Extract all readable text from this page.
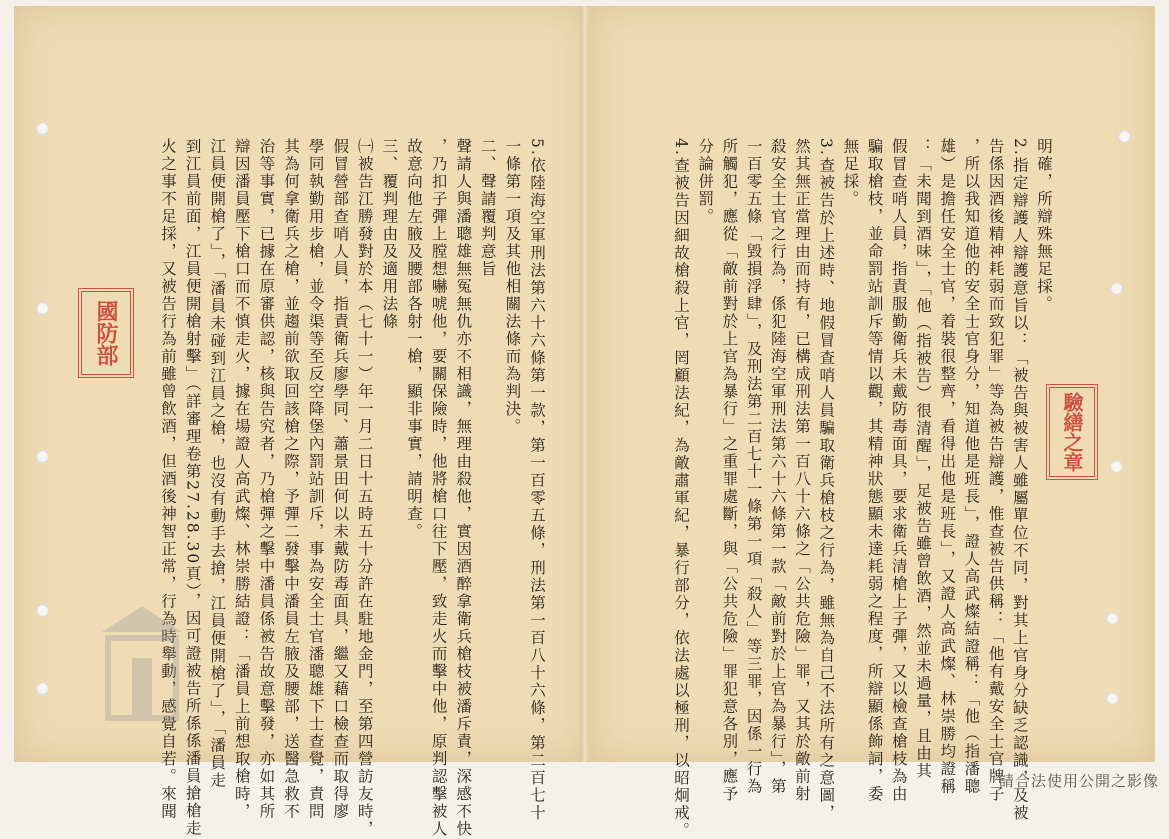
5.依陸海空軍刑法第六十六條第一款，第一百零五條，刑法第一百八十六條，第二百七十
一條第一項及其他相關法條而為判決。
二、聲請覆判意旨
聲請人與潘聰雄無冤無仇亦不相識，無理由殺他，實因酒醉拿衛兵槍枝被潘斥責，深感不快
，乃扣子彈上膛想嚇唬他，要關保險時，他將槍口往下壓，致走火而擊中他，原判認擊被人
故意向他左腋及腰部各射一槍，顯非事實，請明查。
三、覆判理由及適用法條
㈠被告江勝發對於本（七十一）年一月二日十五時五十分許在駐地金門，至第四營訪友時，
假冒營部查哨人員，指責衛兵廖學同、蕭景田何以未戴防毒面具，繼又藉口檢查而取得廖
學同執勤用步槍，並令渠等至反空降堡內罰站訓斥，事為安全士官潘聰雄下士查覺，責問
其為何拿衛兵之槍，並趨前欲取回該槍之際，予彈二發擊中潘員左腋及腰部，送醫急救不
治等事實，已據在原審供認，核與告究者，乃槍彈之擊中潘員係被告故意擊發，亦如其所
辯因潘員壓下槍口而不慎走火，據在場證人高武燦、林崇勝結證：「潘員上前想取槍時，
江員便開槍了」，「潘員未碰到江員之槍，也沒有動手去搶，江員便開槍了」，「潘員走
到江員前面，江員便開槍射擊」（詳審理卷第27.28.30頁），因可證被告所係係潘員搶槍走
火之事不足採，又被告行為前雖曾飲酒，但酒後神智正常，行為時舉動，感覺自若。來聞
國防部
明確，所辯殊無足採。
2.指定辯護人辯護意旨以：「被告與被害人雖屬單位不同，對其上官身分缺乏認識，及被
告係因酒後精神耗弱而致犯罪」等為被告辯護，惟查被告供稱：「他有戴安全士官牌子
，所以我知道他的安全士官身分，知道他是班長」，證人高武燦結證稱：「他（指潘聰
雄）是擔任安全士官，着裝很整齊，看得出他是班長」，又證人高武燦、林崇勝均證稱
：「未聞到酒味」，「他（指被告）很清醒」，足被告雖曾飲酒，然並未過量，且由其
假冒查哨人員，指責服勤衛兵未戴防毒面具，要求衛兵清槍上子彈，又以檢查槍枝為由
騙取槍枝，並命罰站訓斥等情以觀，其精神狀態顯未達耗弱之程度，所辯顯係飾詞，委
無足採。
3.查被告於上述時、地假冒查哨人員騙取衛兵槍枝之行為，雖無為自己不法所有之意圖，
然其無正當理由而持有，已構成刑法第一百八十六條之「公共危險」罪，又其於敵前射
殺安全士官之行為，係犯陸海空軍刑法第六十六條第一款「敵前對於上官為暴行」，第
一百零五條「毀損浮肆」，及刑法第二百七十一條第一項「殺人」等三罪，因係一行為
所觸犯，應從「敵前對於上官為暴行」之重罪處斷，與「公共危險」罪犯意各別，應予
分論併罰。
4.查被告因細故槍殺上官，罔顧法紀，為敵肅軍紀，暴行部分，依法處以極刑，以昭炯戒。	驗繕之章
請合法使用公開之影像
